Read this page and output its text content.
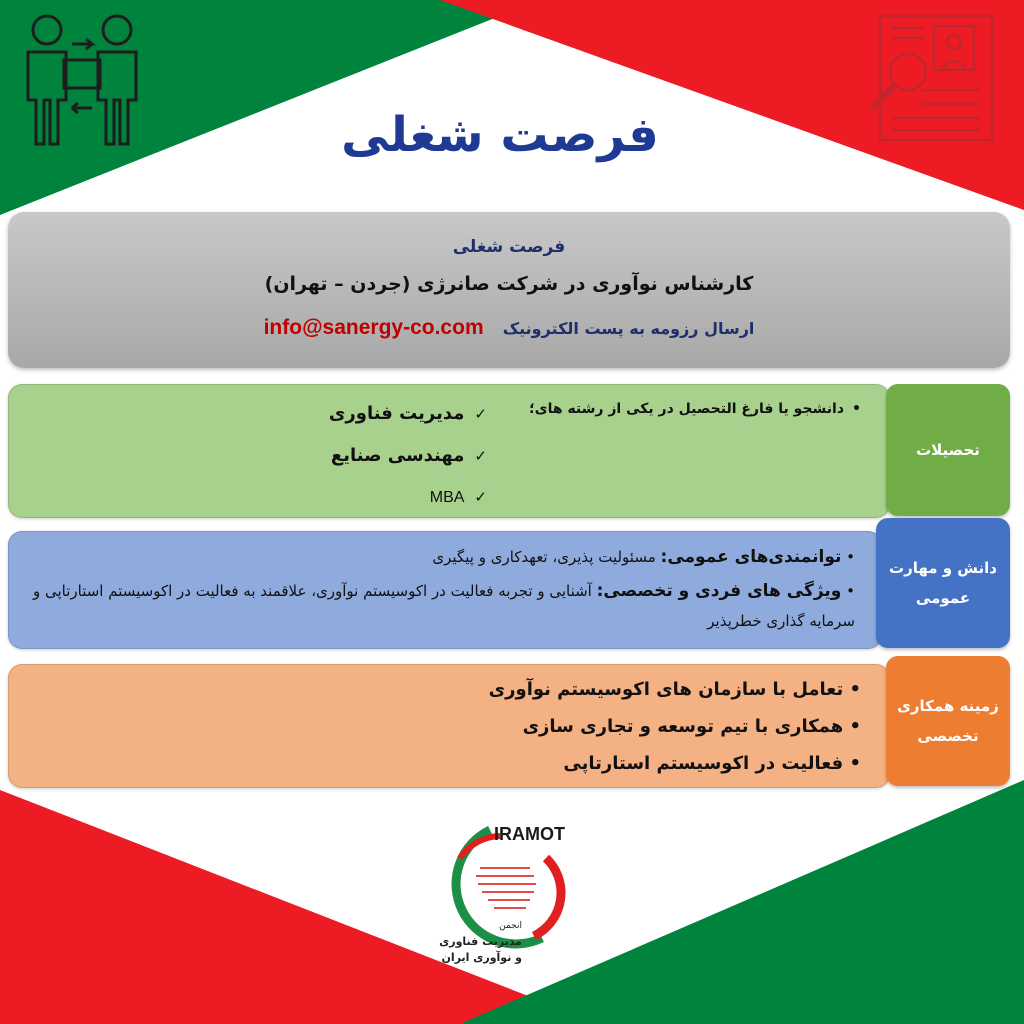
فرصت شغلی
فرصت شغلی
کارشناس نوآوری در شرکت صانرژی (جردن – تهران)
ارسال رزومه به پست الکترونیک info@sanergy-co.com
•دانشجو یا فارغ التحصیل در یکی از رشته های؛
✓مدیریت فناوری
✓مهندسی صنایع
✓MBA
تحصیلات
• توانمندی‌های عمومی: مسئولیت پذیری، تعهدکاری و پیگیری
• ویژگی های فردی و تخصصی: آشنایی و تجربه فعالیت در اکوسیستم نوآوری، علاقمند به فعالیت در اکوسیستم استارتاپی و سرمایه گذاری خطرپذیر
دانش و مهارت عمومی
• تعامل با سازمان های اکوسیستم نوآوری
• همکاری با تیم توسعه و تجاری سازی
• فعالیت در اکوسیستم استارتاپی
زمینه همکاری تخصصی
IRAMOT
انجمن
مدیریت فناوری
و نوآوری ایران
